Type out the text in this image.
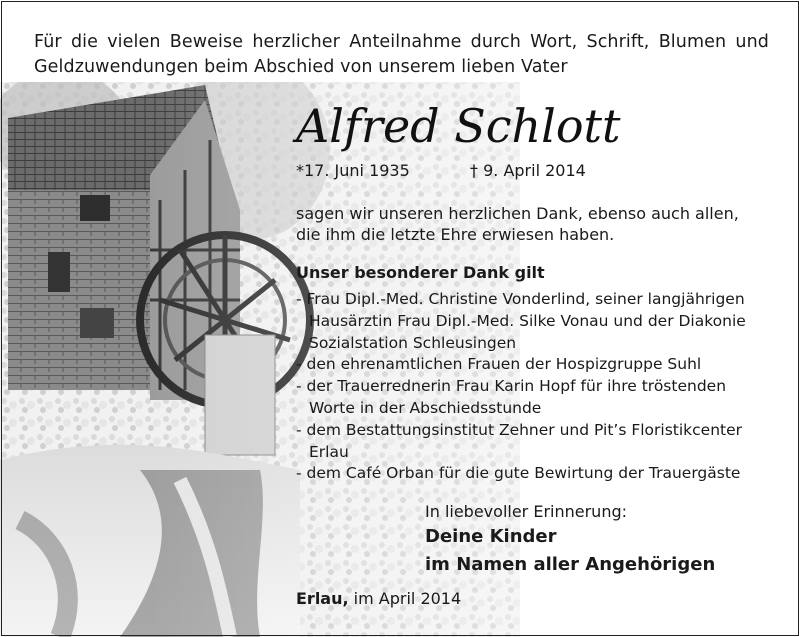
Für die vielen Beweise herzlicher Anteilnahme durch Wort, Schrift, Blumen und Geldzuwendungen beim Abschied von unserem lieben Vater
Alfred Schlott
*17. Juni 1935	† 9. April 2014
sagen wir unseren herzlichen Dank, ebenso auch allen, die ihm die letzte Ehre erwiesen haben.
Unser besonderer Dank gilt
- Frau Dipl.-Med. Christine Vonderlind, seiner langjährigen Hausärztin Frau Dipl.-Med. Silke Vonau und der Diakonie Sozialstation Schleusingen
- den ehrenamtlichen Frauen der Hospizgruppe Suhl
- der Trauerrednerin Frau Karin Hopf für ihre tröstenden Worte in der Abschiedsstunde
- dem Bestattungsinstitut Zehner und Pit’s Floristikcenter Erlau
- dem Café Orban für die gute Bewirtung der Trauergäste
In liebevoller Erinnerung:
Deine Kinder
im Namen aller Angehörigen
Erlau, im April 2014
